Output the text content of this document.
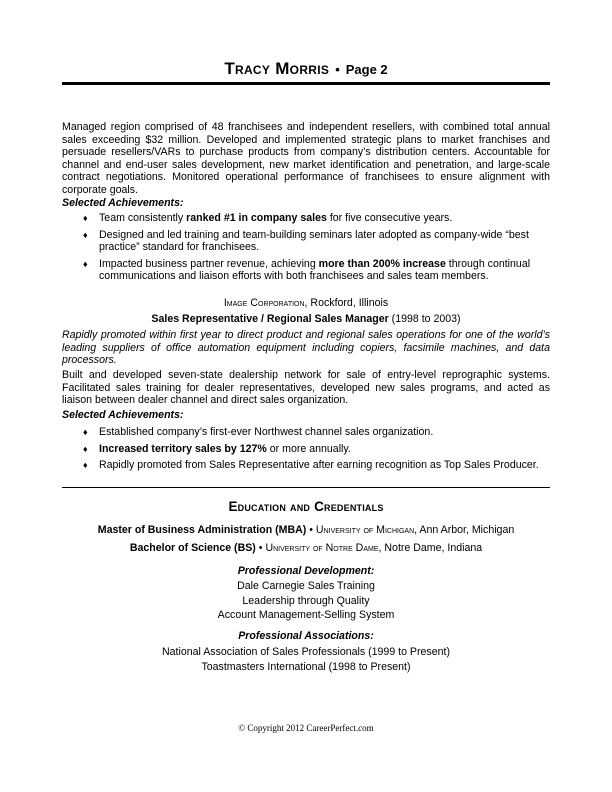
Tracy Morris • Page 2
Managed region comprised of 48 franchisees and independent resellers, with combined total annual sales exceeding $32 million. Developed and implemented strategic plans to market franchises and persuade resellers/VARs to purchase products from company’s distribution centers. Accountable for channel and end-user sales development, new market identification and penetration, and large-scale contract negotiations. Monitored operational performance of franchisees to ensure alignment with corporate goals.
Selected Achievements:
♦ Team consistently ranked #1 in company sales for five consecutive years.
♦ Designed and led training and team-building seminars later adopted as company-wide “best practice” standard for franchisees.
♦ Impacted business partner revenue, achieving more than 200% increase through continual communications and liaison efforts with both franchisees and sales team members.
Image Corporation, Rockford, Illinois
Sales Representative / Regional Sales Manager (1998 to 2003)
Rapidly promoted within first year to direct product and regional sales operations for one of the world’s leading suppliers of office automation equipment including copiers, facsimile machines, and data processors.
Built and developed seven-state dealership network for sale of entry-level reprographic systems. Facilitated sales training for dealer representatives, developed new sales programs, and acted as liaison between dealer channel and direct sales organization.
Selected Achievements:
♦ Established company’s first-ever Northwest channel sales organization.
♦ Increased territory sales by 127% or more annually.
♦ Rapidly promoted from Sales Representative after earning recognition as Top Sales Producer.
Education and Credentials
Master of Business Administration (MBA) • University of Michigan, Ann Arbor, Michigan
Bachelor of Science (BS) • University of Notre Dame, Notre Dame, Indiana
Professional Development:
Dale Carnegie Sales Training
Leadership through Quality
Account Management-Selling System
Professional Associations:
National Association of Sales Professionals (1999 to Present)
Toastmasters International (1998 to Present)
© Copyright 2012 CareerPerfect.com
